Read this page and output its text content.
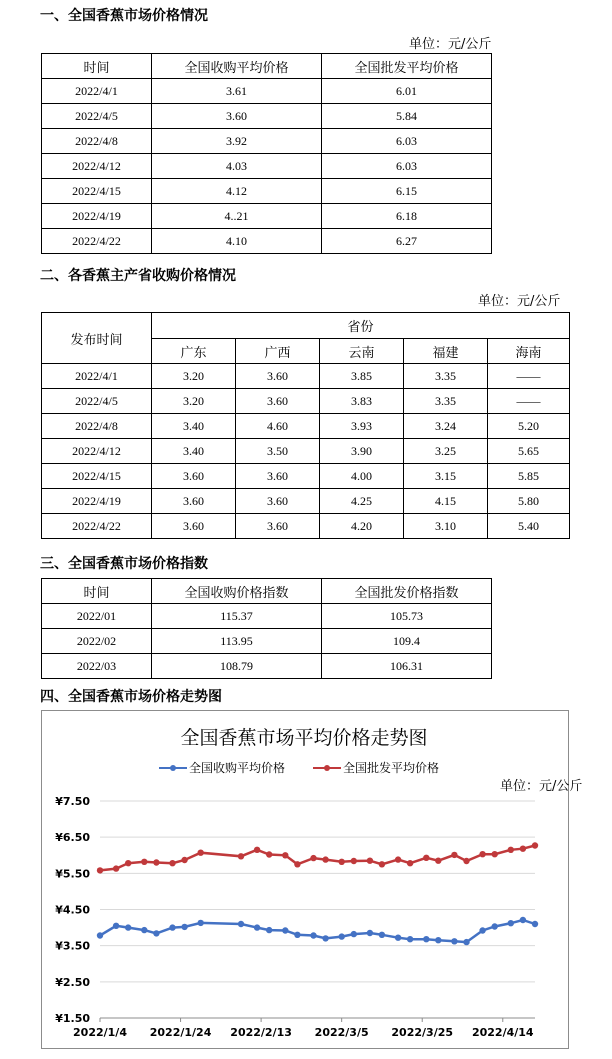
一、全国香蕉市场价格情况
单位：元/公斤
时间	全国收购平均价格	全国批发平均价格
2022/4/1	3.61	6.01
2022/4/5	3.60	5.84
2022/4/8	3.92	6.03
2022/4/12	4.03	6.03
2022/4/15	4.12	6.15
2022/4/19	4..21	6.18
2022/4/22	4.10	6.27
二、各香蕉主产省收购价格情况
单位：元/公斤
发布时间	省份				
	广东	广西	云南	福建	海南
2022/4/1	3.20	3.60	3.85	3.35	——
2022/4/5	3.20	3.60	3.83	3.35	——
2022/4/8	3.40	4.60	3.93	3.24	5.20
2022/4/12	3.40	3.50	3.90	3.25	5.65
2022/4/15	3.60	3.60	4.00	3.15	5.85
2022/4/19	3.60	3.60	4.25	4.15	5.80
2022/4/22	3.60	3.60	4.20	3.10	5.40
三、全国香蕉市场价格指数
时间	全国收购价格指数	全国批发价格指数
2022/01	115.37	105.73
2022/02	113.95	109.4
2022/03	108.79	106.31
四、全国香蕉市场价格走势图
全国香蕉市场平均价格走势图
全国收购平均价格	全国批发平均价格
单位：元/公斤
¥1.50
¥2.50
¥3.50
¥4.50
¥5.50
¥6.50
¥7.50
2022/1/4 2022/1/24 2022/2/13 2022/3/5 2022/3/25 2022/4/14
